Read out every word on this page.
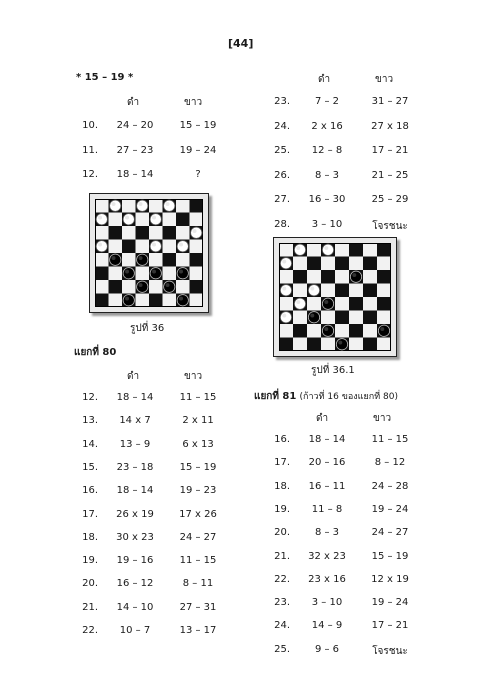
[44]
* 15 – 19 *
ดำ	ขาว
10.	24 – 20	15 – 19
11.	27 – 23	19 – 24
12.	18 – 14	?
รูปที่ 36
ดำ	ขาว
23.	7 – 2	31 – 27
24.	2 x 16	27 x 18
25.	12 – 8	17 – 21
26.	8 – 3	21 – 25
27.	16 – 30	25 – 29
28.	3 – 10	โจรชนะ
รูปที่ 36.1
แยกที่ 80
ดำ	ขาว
12.	18 – 14	11 – 15
13.	14 x 7	2 x 11
14.	13 – 9	6 x 13
15.	23 – 18	15 – 19
16.	18 – 14	19 – 23
17.	26 x 19	17 x 26
18.	30 x 23	24 – 27
19.	19 – 16	11 – 15
20.	16 – 12	8 – 11
21.	14 – 10	27 – 31
22.	10 – 7	13 – 17
แยกที่ 81 (ก้าวที่ 16 ของแยกที่ 80)
ดำ	ขาว
16.	18 – 14	11 – 15
17.	20 – 16	8 – 12
18.	16 – 11	24 – 28
19.	11 – 8	19 – 24
20.	8 – 3	24 – 27
21.	32 x 23	15 – 19
22.	23 x 16	12 x 19
23.	3 – 10	19 – 24
24.	14 – 9	17 – 21
25.	9 – 6	โจรชนะ
